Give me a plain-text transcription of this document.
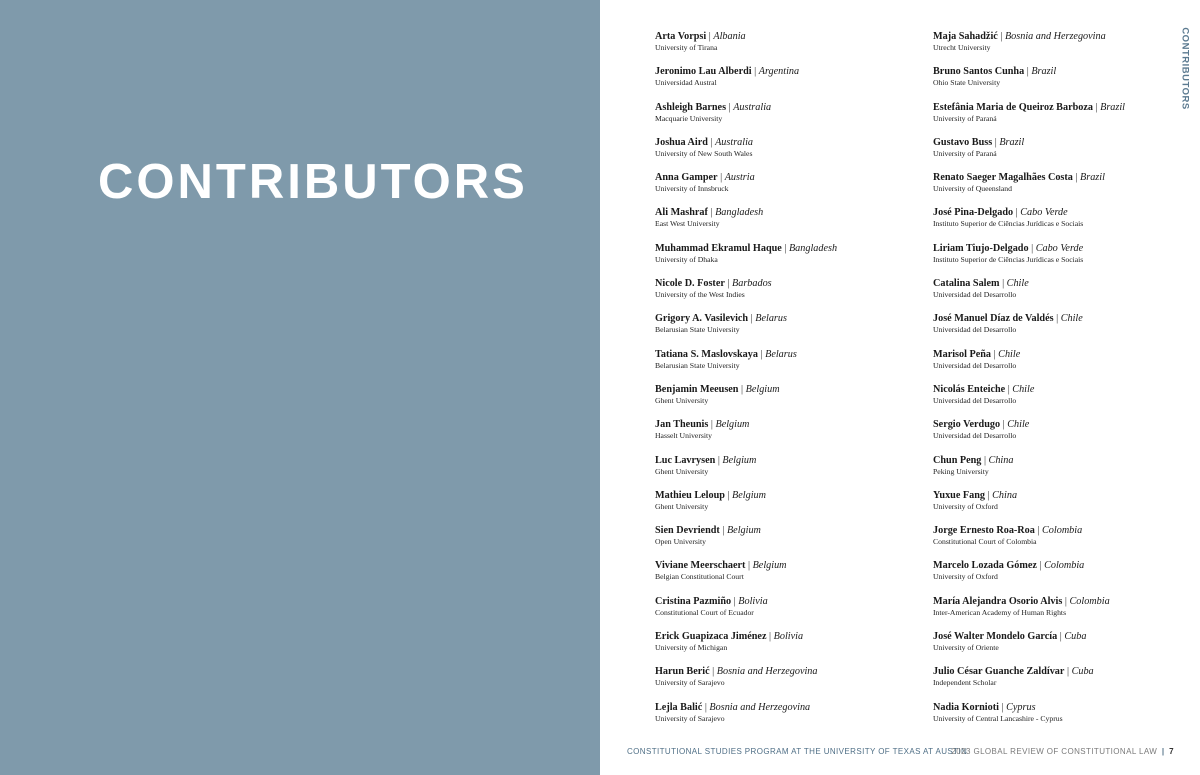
CONTRIBUTORS
Arta Vorpsi | Albania
University of Tirana
Jeronimo Lau Alberdi | Argentina
Universidad Austral
Ashleigh Barnes | Australia
Macquarie University
Joshua Aird | Australia
University of New South Wales
Anna Gamper | Austria
University of Innsbruck
Ali Mashraf | Bangladesh
East West University
Muhammad Ekramul Haque | Bangladesh
University of Dhaka
Nicole D. Foster | Barbados
University of the West Indies
Grigory A. Vasilevich | Belarus
Belarusian State University
Tatiana S. Maslovskaya | Belarus
Belarusian State University
Benjamin Meeusen | Belgium
Ghent University
Jan Theunis | Belgium
Hasselt University
Luc Lavrysen | Belgium
Ghent University
Mathieu Leloup | Belgium
Ghent University
Sien Devriendt | Belgium
Open University
Viviane Meerschaert | Belgium
Belgian Constitutional Court
Cristina Pazmiño | Bolivia
Constitutional Court of Ecuador
Erick Guapizaca Jiménez | Bolivia
University of Michigan
Harun Berić | Bosnia and Herzegovina
University of Sarajevo
Lejla Balić | Bosnia and Herzegovina
University of Sarajevo
Maja Sahadžić | Bosnia and Herzegovina
Utrecht University
Bruno Santos Cunha | Brazil
Ohio State University
Estefânia Maria de Queiroz Barboza | Brazil
University of Paraná
Gustavo Buss | Brazil
University of Paraná
Renato Saeger Magalhães Costa | Brazil
University of Queensland
José Pina-Delgado | Cabo Verde
Instituto Superior de Ciências Jurídicas e Sociais
Liriam Tiujo-Delgado | Cabo Verde
Instituto Superior de Ciências Jurídicas e Sociais
Catalina Salem | Chile
Universidad del Desarrollo
José Manuel Díaz de Valdés | Chile
Universidad del Desarrollo
Marisol Peña | Chile
Universidad del Desarrollo
Nicolás Enteiche | Chile
Universidad del Desarrollo
Sergio Verdugo | Chile
Universidad del Desarrollo
Chun Peng | China
Peking University
Yuxue Fang | China
University of Oxford
Jorge Ernesto Roa-Roa | Colombia
Constitutional Court of Colombia
Marcelo Lozada Gómez | Colombia
University of Oxford
María Alejandra Osorio Alvis | Colombia
Inter-American Academy of Human Rights
José Walter Mondelo García | Cuba
University of Oriente
Julio César Guanche Zaldívar | Cuba
Independent Scholar
Nadia Kornioti | Cyprus
University of Central Lancashire - Cyprus
CONTRIBUTORS
CONSTITUTIONAL STUDIES PROGRAM AT THE UNIVERSITY OF TEXAS AT AUSTIN
2023 GLOBAL REVIEW OF CONSTITUTIONAL LAW | 7
